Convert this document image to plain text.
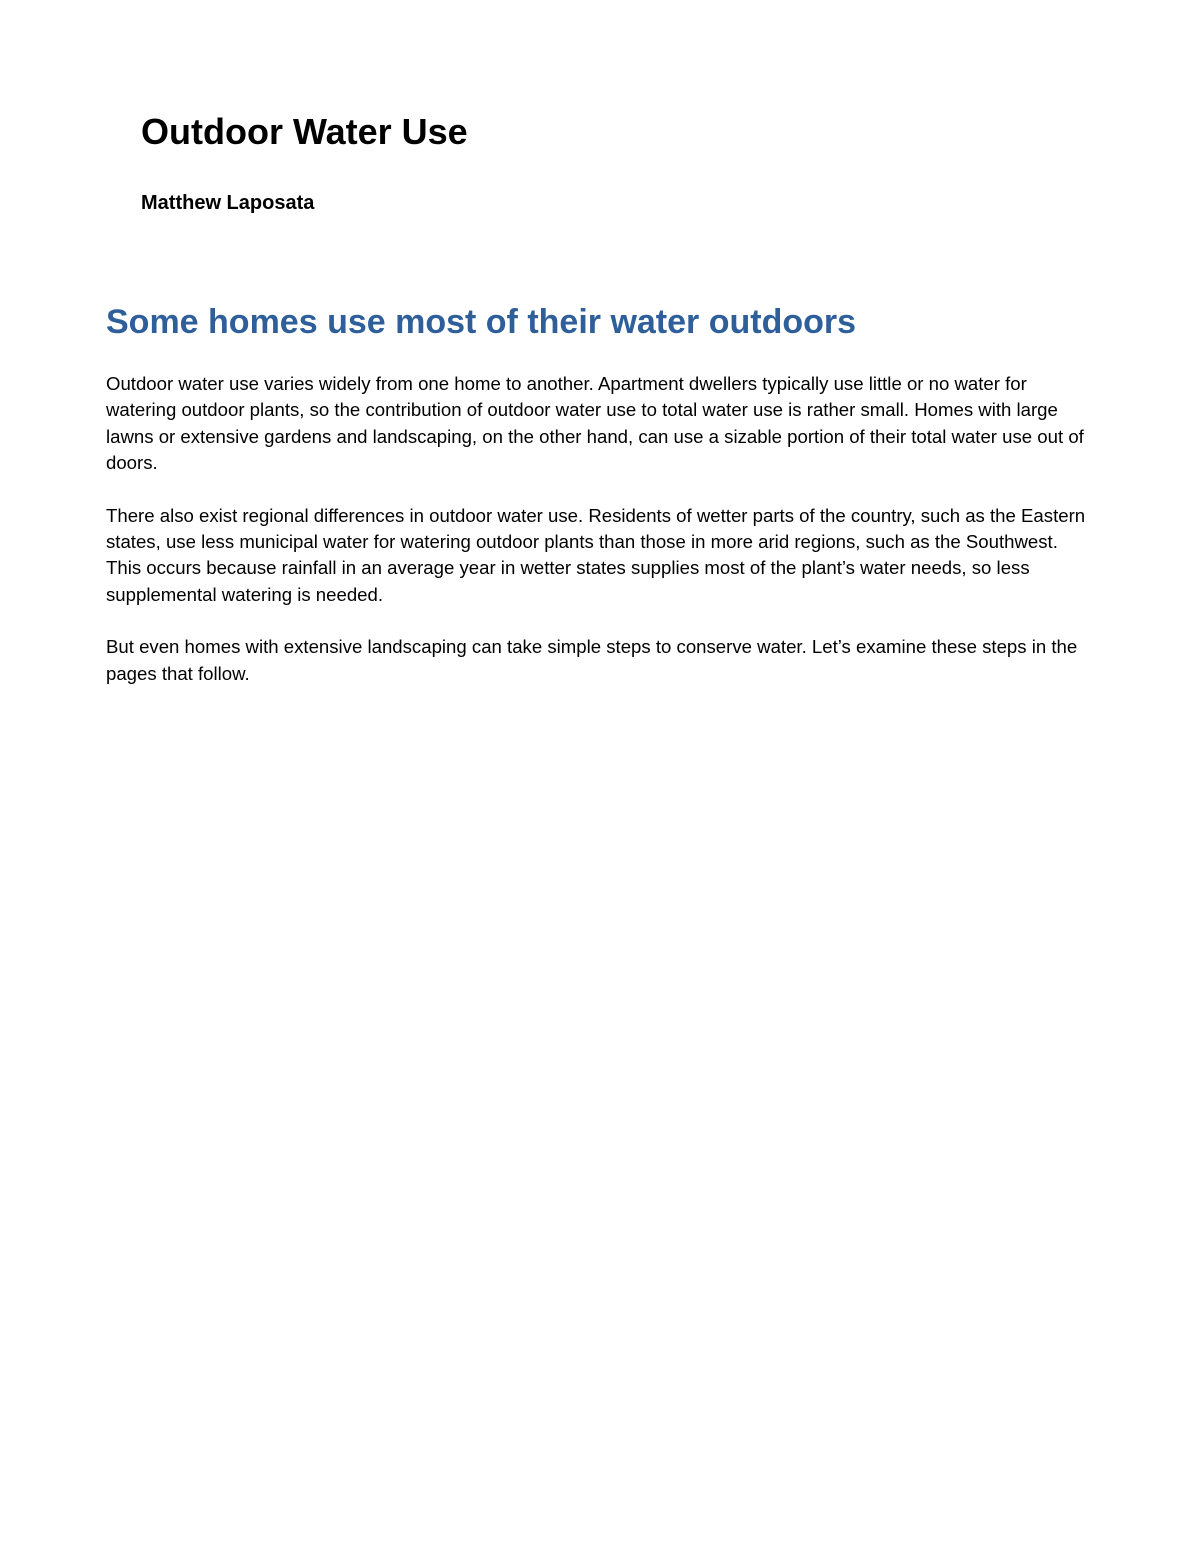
Outdoor Water Use
Matthew Laposata
Some homes use most of their water outdoors

Outdoor water use varies widely from one home to another. Apartment dwellers typically use little or no water for watering outdoor plants, so the contribution of outdoor water use to total water use is rather small. Homes with large lawns or extensive gardens and landscaping, on the other hand, can use a sizable portion of their total water use out of doors.

There also exist regional differences in outdoor water use. Residents of wetter parts of the country, such as the Eastern states, use less municipal water for watering outdoor plants than those in more arid regions, such as the Southwest. This occurs because rainfall in an average year in wetter states supplies most of the plant’s water needs, so less supplemental watering is needed.

But even homes with extensive landscaping can take simple steps to conserve water. Let’s examine these steps in the pages that follow.
